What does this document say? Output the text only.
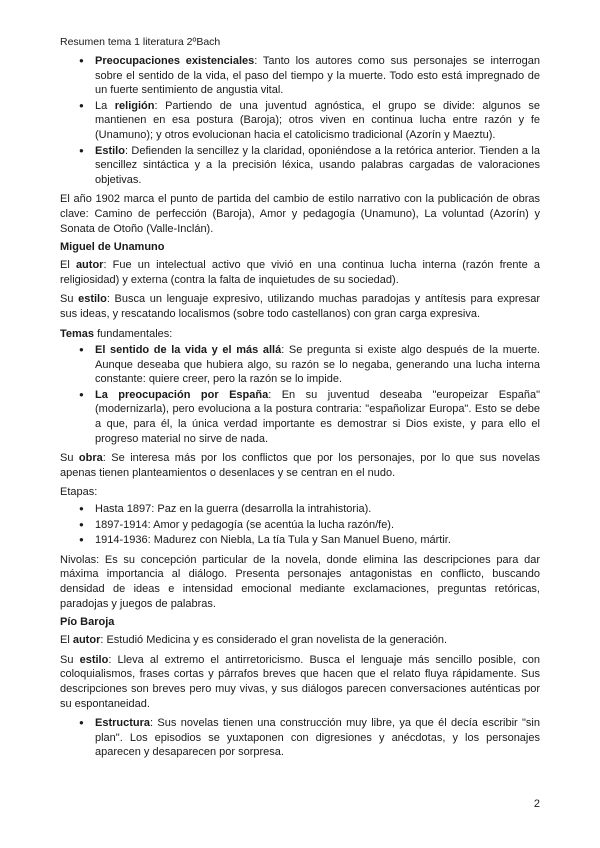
Resumen tema 1 literatura 2ºBach
● Preocupaciones existenciales: Tanto los autores como sus personajes se interrogan sobre el sentido de la vida, el paso del tiempo y la muerte. Todo esto está impregnado de un fuerte sentimiento de angustia vital.
● La religión: Partiendo de una juventud agnóstica, el grupo se divide: algunos se mantienen en esa postura (Baroja); otros viven en continua lucha entre razón y fe (Unamuno); y otros evolucionan hacia el catolicismo tradicional (Azorín y Maeztu).
● Estilo: Defienden la sencillez y la claridad, oponiéndose a la retórica anterior. Tienden a la sencillez sintáctica y a la precisión léxica, usando palabras cargadas de valoraciones objetivas.

El año 1902 marca el punto de partida del cambio de estilo narrativo con la publicación de obras clave: Camino de perfección (Baroja), Amor y pedagogía (Unamuno), La voluntad (Azorín) y Sonata de Otoño (Valle-Inclán).

Miguel de Unamuno

El autor: Fue un intelectual activo que vivió en una continua lucha interna (razón frente a religiosidad) y externa (contra la falta de inquietudes de su sociedad).

Su estilo: Busca un lenguaje expresivo, utilizando muchas paradojas y antítesis para expresar sus ideas, y rescatando localismos (sobre todo castellanos) con gran carga expresiva.

Temas fundamentales:

● El sentido de la vida y el más allá: Se pregunta si existe algo después de la muerte. Aunque deseaba que hubiera algo, su razón se lo negaba, generando una lucha interna constante: quiere creer, pero la razón se lo impide.
● La preocupación por España: En su juventud deseaba "europeizar España" (modernizarla), pero evoluciona a la postura contraria: "españolizar Europa". Esto se debe a que, para él, la única verdad importante es demostrar si Dios existe, y para ello el progreso material no sirve de nada.

Su obra: Se interesa más por los conflictos que por los personajes, por lo que sus novelas apenas tienen planteamientos o desenlaces y se centran en el nudo.

Etapas:

● Hasta 1897: Paz en la guerra (desarrolla la intrahistoria).
● 1897-1914: Amor y pedagogía (se acentúa la lucha razón/fe).
● 1914-1936: Madurez con Niebla, La tía Tula y San Manuel Bueno, mártir.

Nivolas: Es su concepción particular de la novela, donde elimina las descripciones para dar máxima importancia al diálogo. Presenta personajes antagonistas en conflicto, buscando densidad de ideas e intensidad emocional mediante exclamaciones, preguntas retóricas, paradojas y juegos de palabras.

Pío Baroja

El autor: Estudió Medicina y es considerado el gran novelista de la generación.

Su estilo: Lleva al extremo el antirretoricismo. Busca el lenguaje más sencillo posible, con coloquialismos, frases cortas y párrafos breves que hacen que el relato fluya rápidamente. Sus descripciones son breves pero muy vivas, y sus diálogos parecen conversaciones auténticas por su espontaneidad.

● Estructura: Sus novelas tienen una construcción muy libre, ya que él decía escribir "sin plan". Los episodios se yuxtaponen con digresiones y anécdotas, y los personajes aparecen y desaparecen por sorpresa.
2
